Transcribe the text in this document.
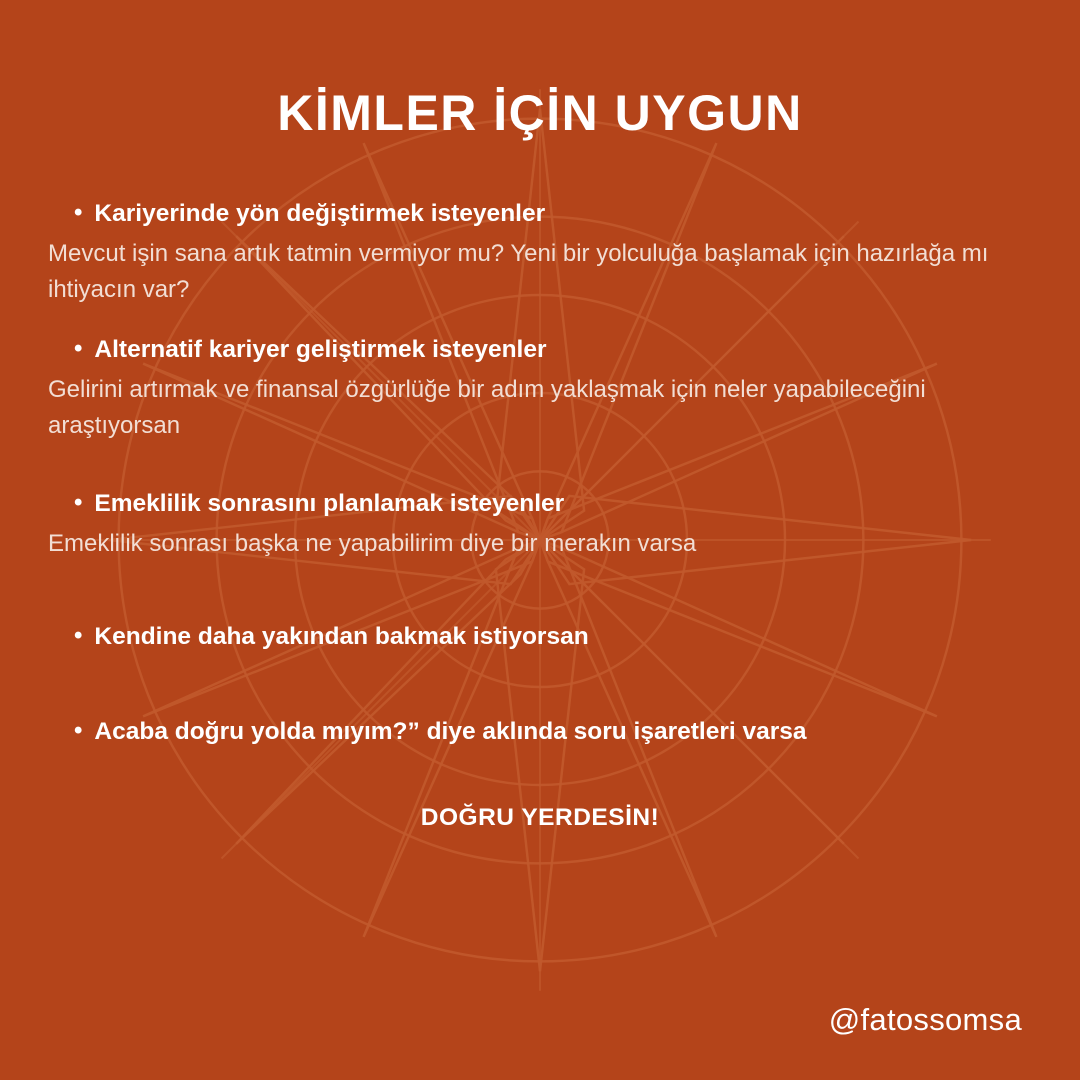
KİMLER İÇİN UYGUN
• Kariyerinde yön değiştirmek isteyenler
Mevcut işin sana artık tatmin vermiyor mu? Yeni bir yolculuğa başlamak için hazırlağa mı ihtiyacın var?
• Alternatif kariyer geliştirmek isteyenler
Gelirini artırmak ve finansal özgürlüğe bir adım yaklaşmak için neler yapabileceğini araştıyorsan
• Emeklilik sonrasını planlamak isteyenler
Emeklilik sonrası başka ne yapabilirim diye bir merakın varsa
• Kendine daha yakından bakmak istiyorsan
• Acaba doğru yolda mıyım?” diye aklında soru işaretleri varsa
DOĞRU YERDESİN!
@fatossomsa
